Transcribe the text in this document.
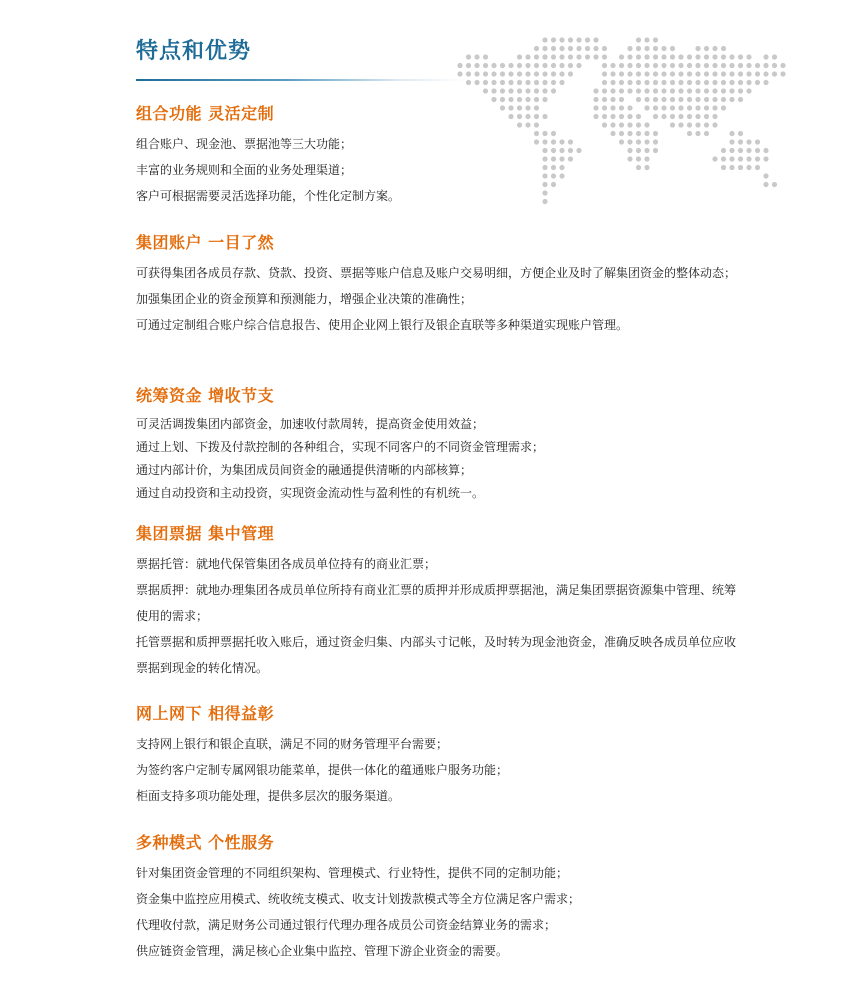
特点和优势
组合功能 灵活定制

组合账户、现金池、票据池等三大功能；

丰富的业务规则和全面的业务处理渠道；

客户可根据需要灵活选择功能，个性化定制方案。

集团账户 一目了然

可获得集团各成员存款、贷款、投资、票据等账户信息及账户交易明细，方便企业及时了解集团资金的整体动态；

加强集团企业的资金预算和预测能力，增强企业决策的准确性；

可通过定制组合账户综合信息报告、使用企业网上银行及银企直联等多种渠道实现账户管理。

统筹资金 增收节支

可灵活调拨集团内部资金，加速收付款周转，提高资金使用效益；

通过上划、下拨及付款控制的各种组合，实现不同客户的不同资金管理需求；

通过内部计价，为集团成员间资金的融通提供清晰的内部核算；

通过自动投资和主动投资，实现资金流动性与盈利性的有机统一。

集团票据 集中管理

票据托管：就地代保管集团各成员单位持有的商业汇票；

票据质押：就地办理集团各成员单位所持有商业汇票的质押并形成质押票据池，满足集团票据资源集中管理、统筹使用的需求；

托管票据和质押票据托收入账后，通过资金归集、内部头寸记帐，及时转为现金池资金，准确反映各成员单位应收票据到现金的转化情况。

网上网下 相得益彰

支持网上银行和银企直联，满足不同的财务管理平台需要；

为签约客户定制专属网银功能菜单，提供一体化的蕴通账户服务功能；

柜面支持多项功能处理，提供多层次的服务渠道。

多种模式 个性服务

针对集团资金管理的不同组织架构、管理模式、行业特性，提供不同的定制功能；

资金集中监控应用模式、统收统支模式、收支计划拨款模式等全方位满足客户需求；

代理收付款，满足财务公司通过银行代理办理各成员公司资金结算业务的需求；

供应链资金管理，满足核心企业集中监控、管理下游企业资金的需要。
